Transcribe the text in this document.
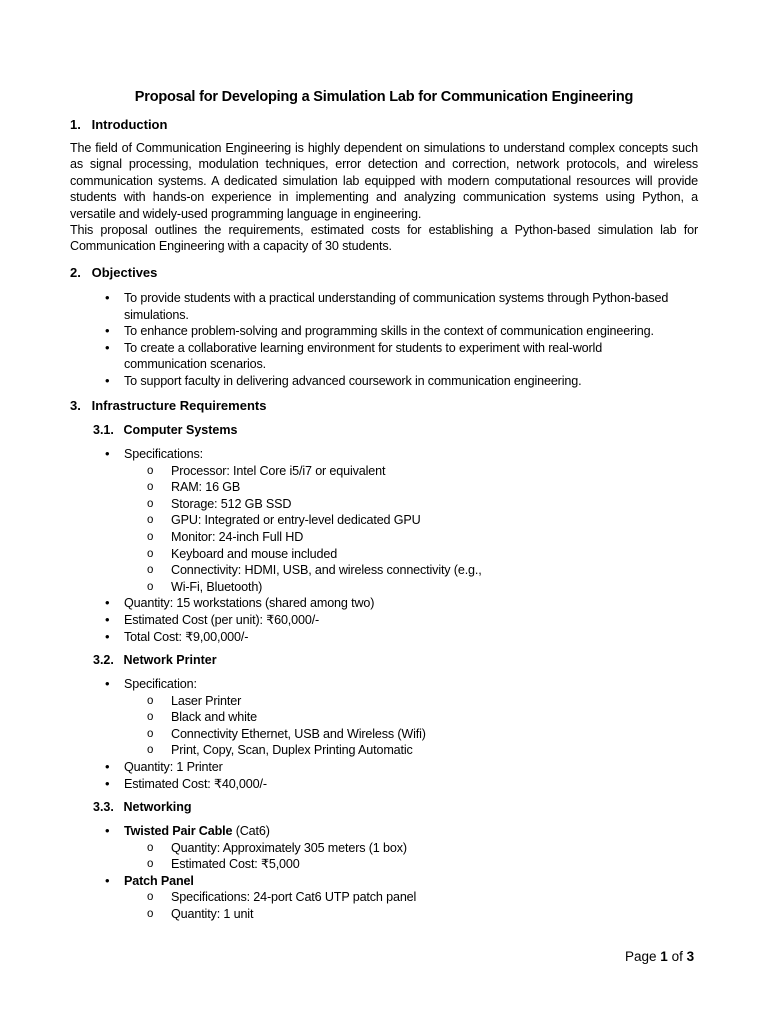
Proposal for Developing a Simulation Lab for Communication Engineering
1. Introduction
The field of Communication Engineering is highly dependent on simulations to understand complex concepts such as signal processing, modulation techniques, error detection and correction, network protocols, and wireless communication systems. A dedicated simulation lab equipped with modern computational resources will provide students with hands-on experience in implementing and analyzing communication systems using Python, a versatile and widely-used programming language in engineering.
This proposal outlines the requirements, estimated costs for establishing a Python-based simulation lab for Communication Engineering with a capacity of 30 students.
2. Objectives
• To provide students with a practical understanding of communication systems through Python-based simulations.
• To enhance problem-solving and programming skills in the context of communication engineering.
• To create a collaborative learning environment for students to experiment with real-world communication scenarios.
• To support faculty in delivering advanced coursework in communication engineering.
3. Infrastructure Requirements
3.1. Computer Systems
• Specifications:
o Processor: Intel Core i5/i7 or equivalent
o RAM: 16 GB
o Storage: 512 GB SSD
o GPU: Integrated or entry-level dedicated GPU
o Monitor: 24-inch Full HD
o Keyboard and mouse included
o Connectivity: HDMI, USB, and wireless connectivity (e.g.,
o Wi-Fi, Bluetooth)
• Quantity: 15 workstations (shared among two)
• Estimated Cost (per unit): ₹60,000/-
• Total Cost: ₹9,00,000/-
3.2. Network Printer
• Specification:
o Laser Printer
o Black and white
o Connectivity Ethernet, USB and Wireless (Wifi)
o Print, Copy, Scan, Duplex Printing Automatic
• Quantity: 1 Printer
• Estimated Cost: ₹40,000/-
3.3. Networking
• Twisted Pair Cable (Cat6)
o Quantity: Approximately 305 meters (1 box)
o Estimated Cost: ₹5,000
• Patch Panel
o Specifications: 24-port Cat6 UTP patch panel
o Quantity: 1 unit
Page 1 of 3
